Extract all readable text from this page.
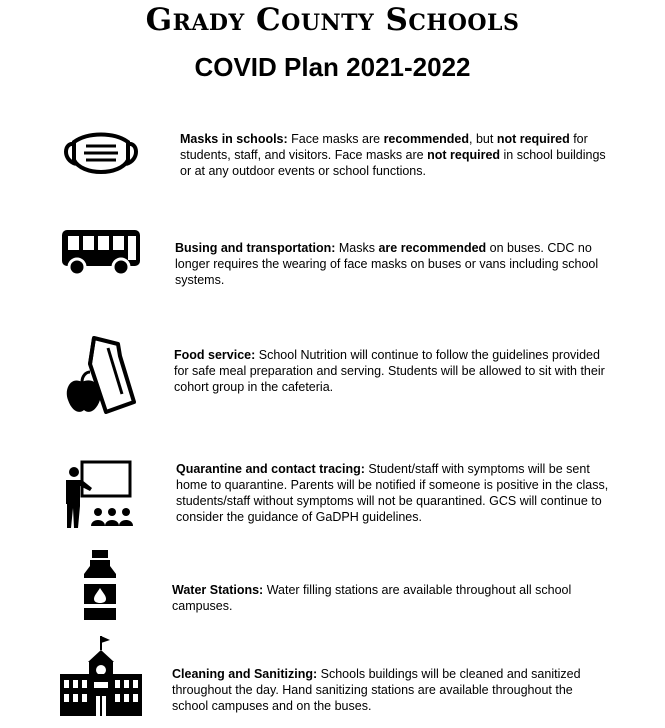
Grady County Schools
COVID Plan 2021-2022
Masks in schools: Face masks are recommended, but not required for students, staff, and visitors. Face masks are not required in school buildings or at any outdoor events or school functions.
Busing and transportation: Masks are recommended on buses. CDC no longer requires the wearing of face masks on buses or vans including school systems.
Food service: School Nutrition will continue to follow the guidelines provided for safe meal preparation and serving. Students will be allowed to sit with their cohort group in the cafeteria.
Quarantine and contact tracing: Student/staff with symptoms will be sent home to quarantine. Parents will be notified if someone is positive in the class, students/staff without symptoms will not be quarantined. GCS will continue to consider the guidance of GaDPH guidelines.
Water Stations: Water filling stations are available throughout all school campuses.
Cleaning and Sanitizing: Schools buildings will be cleaned and sanitized throughout the day. Hand sanitizing stations are available throughout the school campuses and on the buses.
